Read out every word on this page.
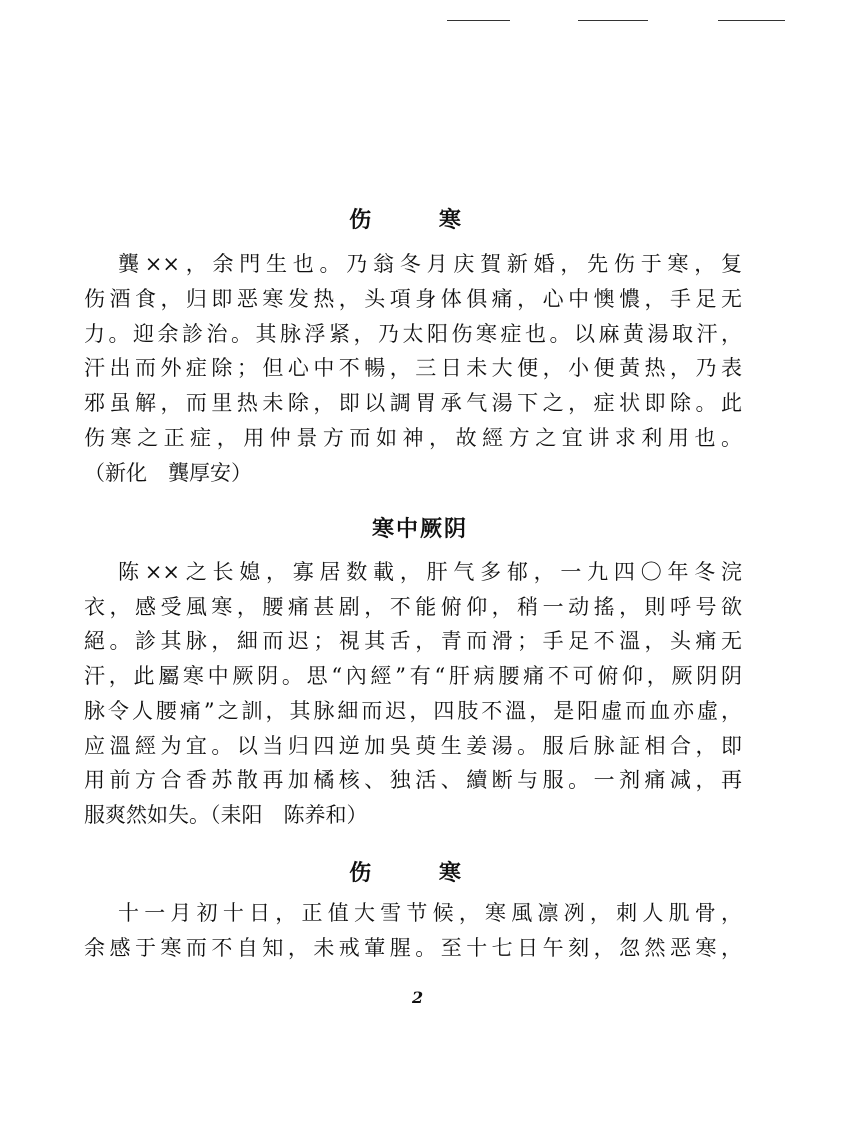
伤 寒
龔××，余門生也。乃翁冬月庆賀新婚，先伤于寒，复
伤酒食，归即恶寒发热，头項身体俱痛，心中懊憹，手足无
力。迎余診治。其脉浮紧，乃太阳伤寒症也。以麻黄湯取汗，
汗出而外症除；但心中不暢，三日未大便，小便黃热，乃表
邪虽解，而里热未除，即以調胃承气湯下之，症状即除。此
伤寒之正症，用仲景方而如神，故經方之宜讲求利用也。
（新化　龔厚安）
寒中厥阴
陈××之长媳，寡居数載，肝气多郁，一九四〇年冬浣
衣，感受風寒，腰痛甚剧，不能俯仰，稍一动搖，則呼号欲
絕。診其脉，細而迟；視其舌，青而滑；手足不溫，头痛无
汗，此屬寒中厥阴。思“內經”有“肝病腰痛不可俯仰，厥阴阴
脉令人腰痛”之訓，其脉細而迟，四肢不溫，是阳虛而血亦虛，
应溫經为宜。以当归四逆加吳萸生姜湯。服后脉証相合，即
用前方合香苏散再加橘核、独活、續断与服。一剂痛减，再
服爽然如失。（耒阳　陈养和）
伤 寒
十一月初十日，正值大雪节候，寒風凛冽，刺人肌骨，
余感于寒而不自知，未戒葷腥。至十七日午刻，忽然恶寒，
2
